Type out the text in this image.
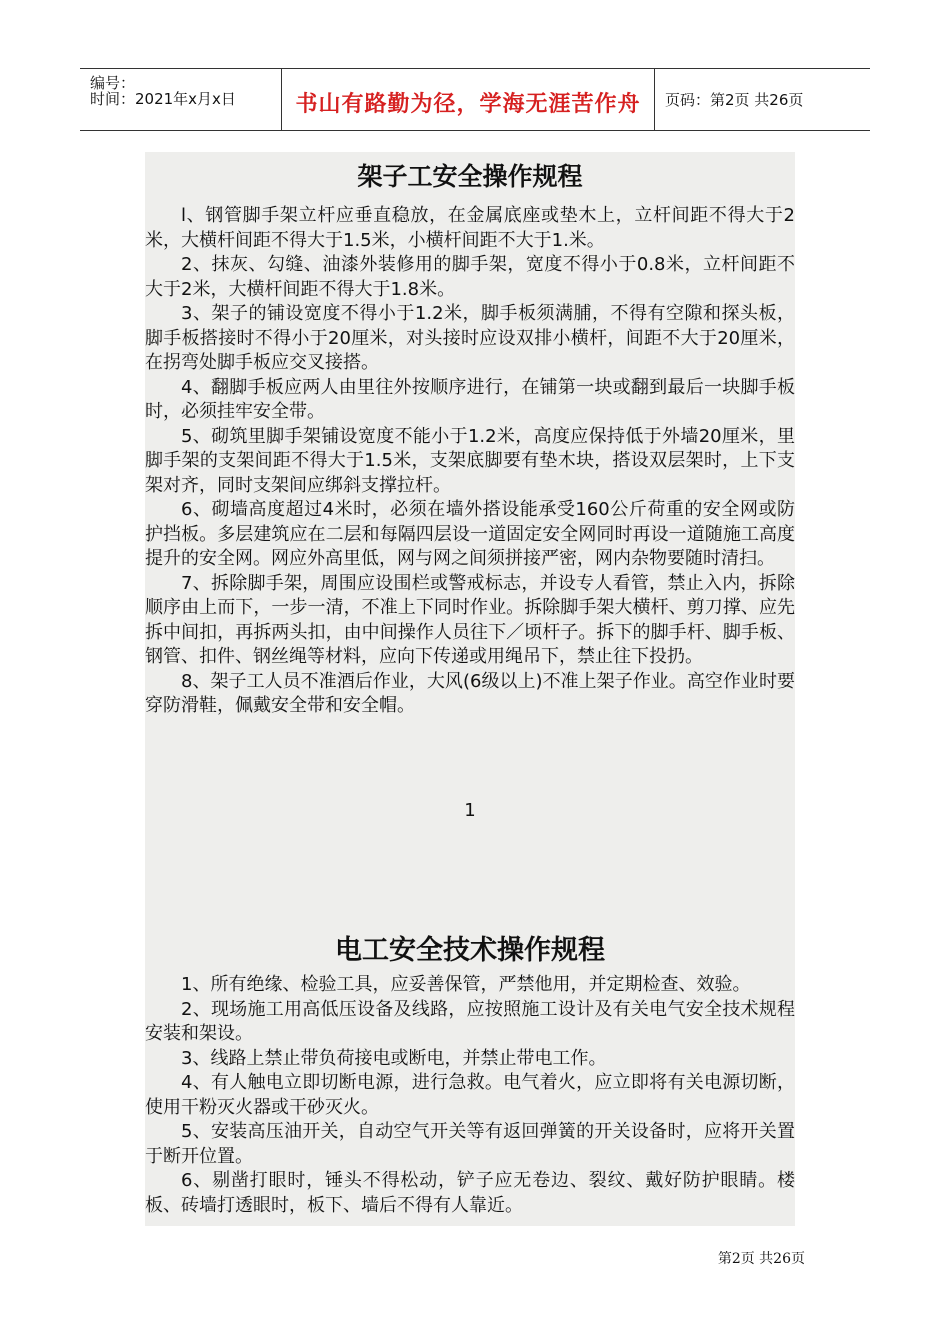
编号：
时间：2021年x月x日	书山有路勤为径，学海无涯苦作舟	页码：第2页 共26页
架子工安全操作规程

l、钢管脚手架立杆应垂直稳放，在金属底座或垫木上，立杆间距不得大于2米，大横杆间距不得大于1.5米，小横杆间距不大于1.米。

2、抹灰、勾缝、油漆外装修用的脚手架，宽度不得小于0.8米，立杆间距不大于2米，大横杆间距不得大于1.8米。

3、架子的铺设宽度不得小于1.2米，脚手板须满脯，不得有空隙和探头板，脚手板搭接时不得小于20厘米，对头接时应设双排小横杆，间距不大于20厘米，在拐弯处脚手板应交叉接搭。

4、翻脚手板应两人由里往外按顺序进行，在铺第一块或翻到最后一块脚手板时，必须挂牢安全带。

5、砌筑里脚手架铺设宽度不能小于1.2米，高度应保持低于外墙20厘米，里脚手架的支架间距不得大于1.5米，支架底脚要有垫木块，搭设双层架时，上下支架对齐，同时支架间应绑斜支撑拉杆。

6、砌墙高度超过4米时，必须在墙外搭设能承受160公斤荷重的安全网或防护挡板。多层建筑应在二层和每隔四层设一道固定安全网同时再设一道随施工高度提升的安全网。网应外高里低，网与网之间须拼接严密，网内杂物要随时清扫。

7、拆除脚手架，周围应设围栏或警戒标志，并设专人看管，禁止入内，拆除顺序由上而下，一步一清，不准上下同时作业。拆除脚手架大横杆、剪刀撑、应先拆中间扣，再拆两头扣，由中间操作人员往下／顷杆子。拆下的脚手杆、脚手板、钢管、扣件、钢丝绳等材料，应向下传递或用绳吊下，禁止往下投扔。

8、架子工人员不准酒后作业，大风(6级以上)不准上架子作业。高空作业时要穿防滑鞋，佩戴安全带和安全帽。

1
电工安全技术操作规程

1、所有绝缘、检验工具，应妥善保管，严禁他用，并定期检查、效验。

2、现场施工用高低压设备及线路，应按照施工设计及有关电气安全技术规程安装和架设。

3、线路上禁止带负荷接电或断电，并禁止带电工作。

4、有人触电立即切断电源，进行急救。电气着火，应立即将有关电源切断，使用干粉灭火器或干砂灭火。

5、安装高压油开关，自动空气开关等有返回弹簧的开关设备时，应将开关置于断开位置。

6、剔凿打眼时，锤头不得松动，铲子应无卷边、裂纹、戴好防护眼睛。楼板、砖墙打透眼时，板下、墙后不得有人靠近。

第2页 共26页
